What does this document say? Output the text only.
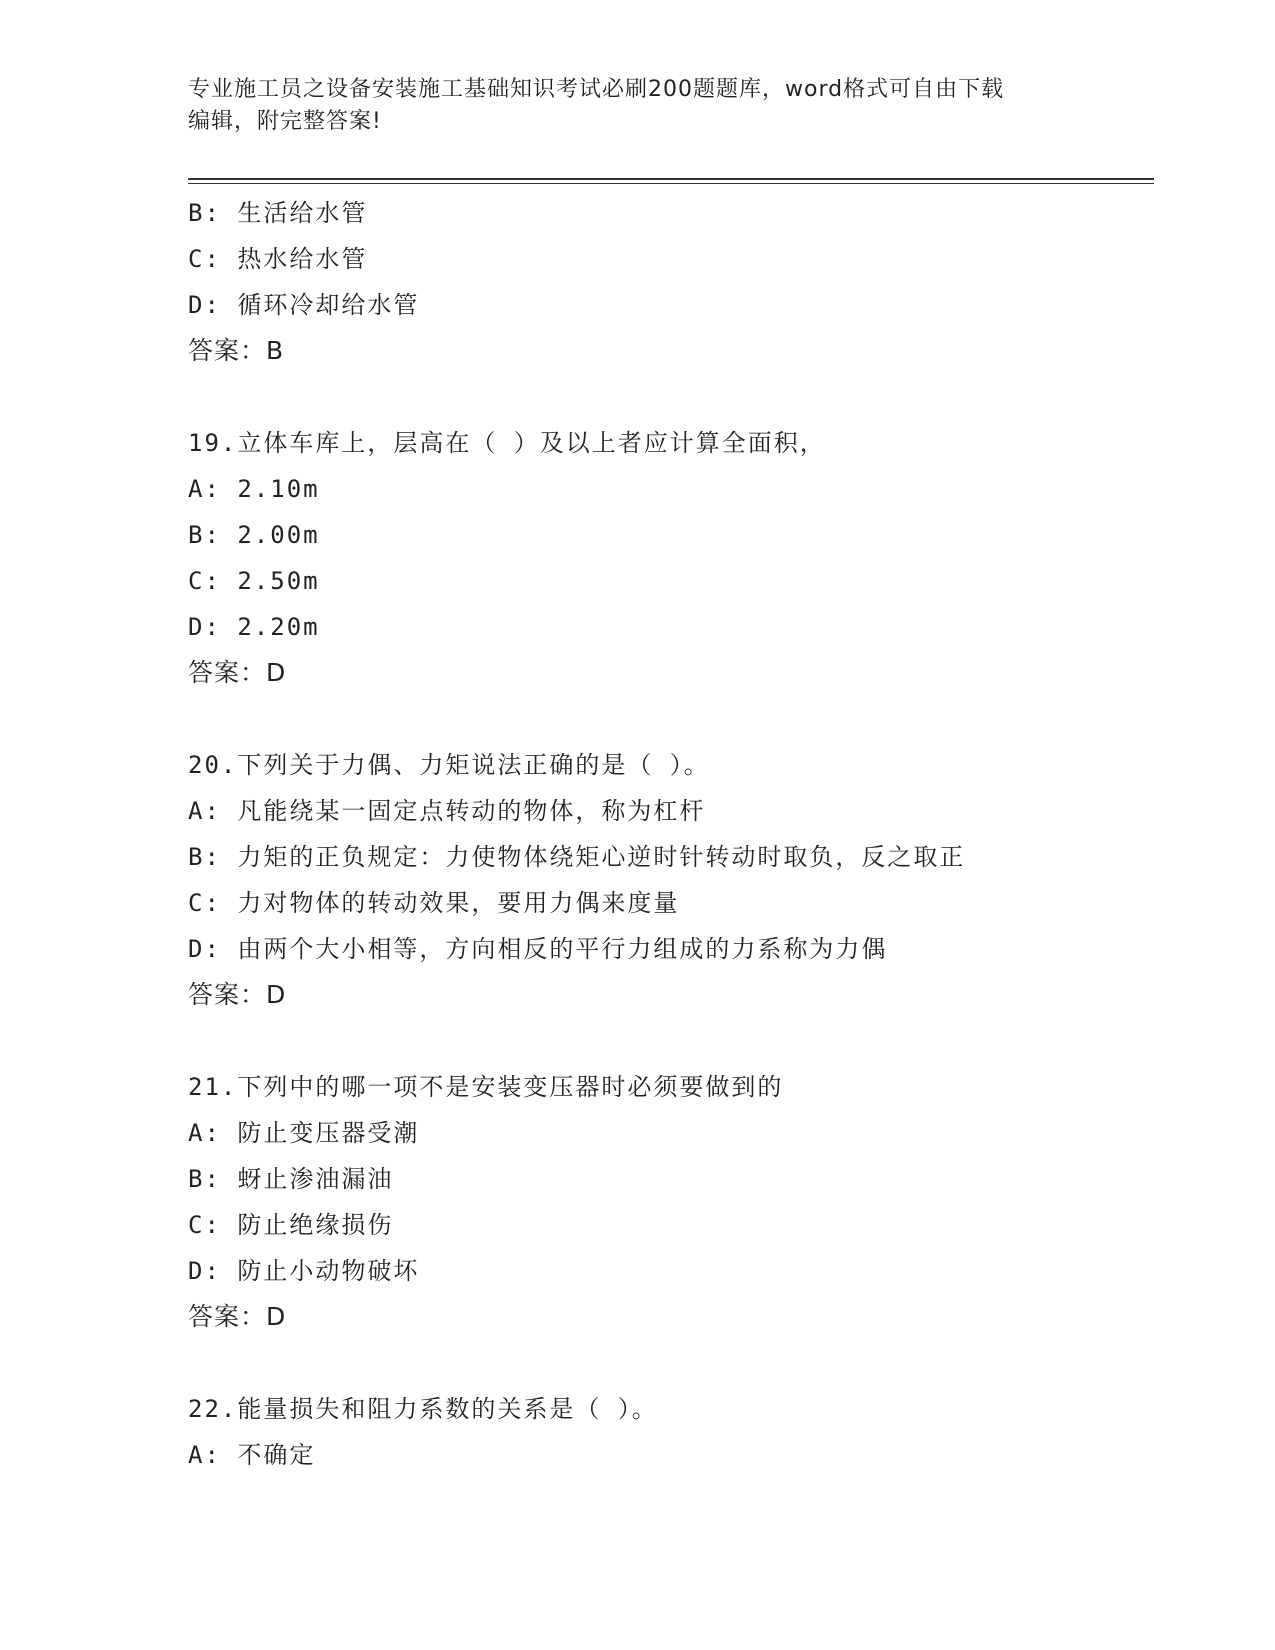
专业施工员之设备安装施工基础知识考试必刷200题题库，word格式可自由下载
编辑，附完整答案!
B: 生活给水管
C: 热水给水管
D: 循环冷却给水管
答案：B
19.立体车库上，层高在（ ）及以上者应计算全面积，
A: 2.10m
B: 2.00m
C: 2.50m
D: 2.20m
答案：D
20.下列关于力偶、力矩说法正确的是（ ）。
A: 凡能绕某一固定点转动的物体，称为杠杆
B: 力矩的正负规定：力使物体绕矩心逆时针转动时取负，反之取正
C: 力对物体的转动效果，要用力偶来度量
D: 由两个大小相等，方向相反的平行力组成的力系称为力偶
答案：D
21.下列中的哪一项不是安装变压器时必须要做到的
A: 防止变压器受潮
B: 蚜止渗油漏油
C: 防止绝缘损伤
D: 防止小动物破坏
答案：D
22.能量损失和阻力系数的关系是（ ）。
A: 不确定
